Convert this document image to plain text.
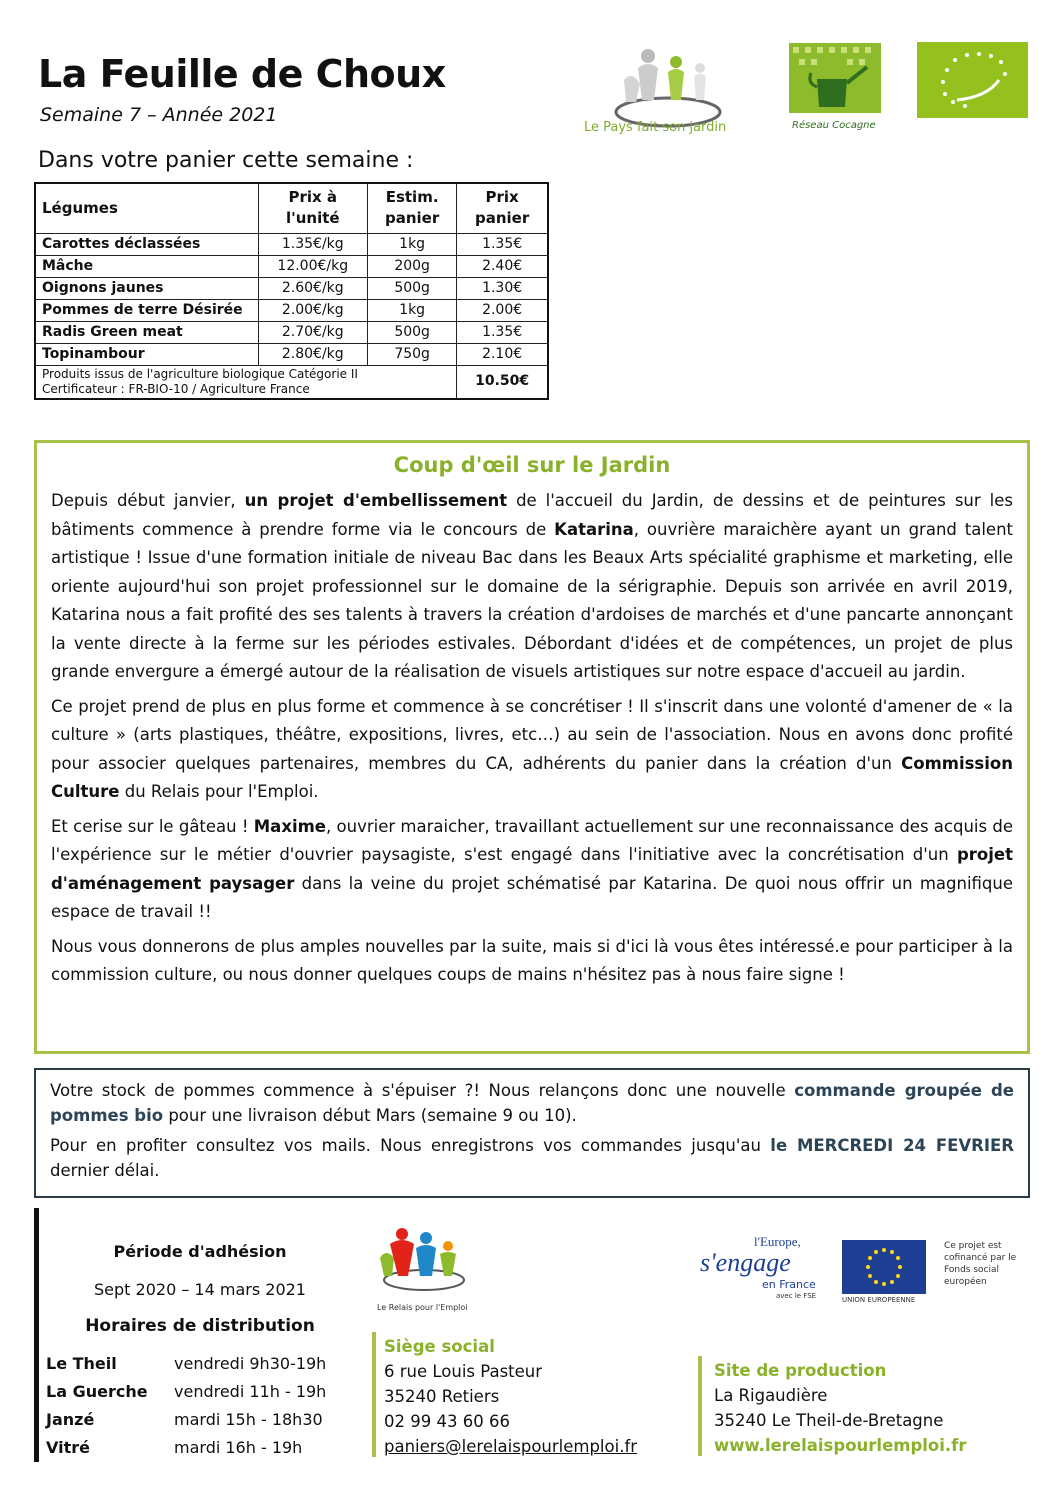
La Feuille de Choux
Semaine 7 – Année 2021
Dans votre panier cette semaine :
Le Pays fait son jardin	Réseau Cocagne
Légumes	Prix à l'unité	Estim. panier	Prix panier
Carottes déclassées	1.35€/kg	1kg	1.35€
Mâche	12.00€/kg	200g	2.40€
Oignons jaunes	2.60€/kg	500g	1.30€
Pommes de terre Désirée	2.00€/kg	1kg	2.00€
Radis Green meat	2.70€/kg	500g	1.35€
Topinambour	2.80€/kg	750g	2.10€

Produits issus de l'agriculture biologique Catégorie II
Certificateur : FR-BIO-10 / Agriculture France			10.50€
Coup d'œil sur le Jardin

Depuis début janvier, un projet d'embellissement de l'accueil du Jardin, de dessins et de peintures sur les bâtiments commence à prendre forme via le concours de Katarina, ouvrière maraichère ayant un grand talent artistique ! Issue d'une formation initiale de niveau Bac dans les Beaux Arts spécialité graphisme et marketing, elle oriente aujourd'hui son projet professionnel sur le domaine de la sérigraphie. Depuis son arrivée en avril 2019, Katarina nous a fait profité des ses talents à travers la création d'ardoises de marchés et d'une pancarte annonçant la vente directe à la ferme sur les périodes estivales. Débordant d'idées et de compétences, un projet de plus grande envergure a émergé autour de la réalisation de visuels artistiques sur notre espace d'accueil au jardin.

Ce projet prend de plus en plus forme et commence à se concrétiser ! Il s'inscrit dans une volonté d'amener de « la culture » (arts plastiques, théâtre, expositions, livres, etc…) au sein de l'association. Nous en avons donc profité pour associer quelques partenaires, membres du CA, adhérents du panier dans la création d'un Commission Culture du Relais pour l'Emploi.

Et cerise sur le gâteau ! Maxime, ouvrier maraicher, travaillant actuellement sur une reconnaissance des acquis de l'expérience sur le métier d'ouvrier paysagiste, s'est engagé dans l'initiative avec la concrétisation d'un projet d'aménagement paysager dans la veine du projet schématisé par Katarina. De quoi nous offrir un magnifique espace de travail !!

Nous vous donnerons de plus amples nouvelles par la suite, mais si d'ici là vous êtes intéressé.e pour participer à la commission culture, ou nous donner quelques coups de mains n'hésitez pas à nous faire signe !

Votre stock de pommes commence à s'épuiser ?! Nous relançons donc une nouvelle commande groupée de pommes bio pour une livraison début Mars (semaine 9 ou 10).

Pour en profiter consultez vos mails. Nous enregistrons vos commandes jusqu'au le MERCREDI 24 FEVRIER dernier délai.

Période d'adhésion
Sept 2020 – 14 mars 2021
Horaires de distribution
Le Theil	vendredi 9h30-19h
La Guerche	vendredi 11h - 19h
Janzé	mardi 15h - 18h30
Vitré	mardi 16h - 19h
Le Relais pour l'Emploi
Siège social
6 rue Louis Pasteur
35240 Retiers
02 99 43 60 66
paniers@lerelaispourlemploi.fr
Site de production
La Rigaudière
35240 Le Theil-de-Bretagne
www.lerelaispourlemploi.fr
l'Europe,
s'engage
en France
avec le FSE	UNION EUROPÉENNE
Ce projet est cofinancé par le Fonds social européen
